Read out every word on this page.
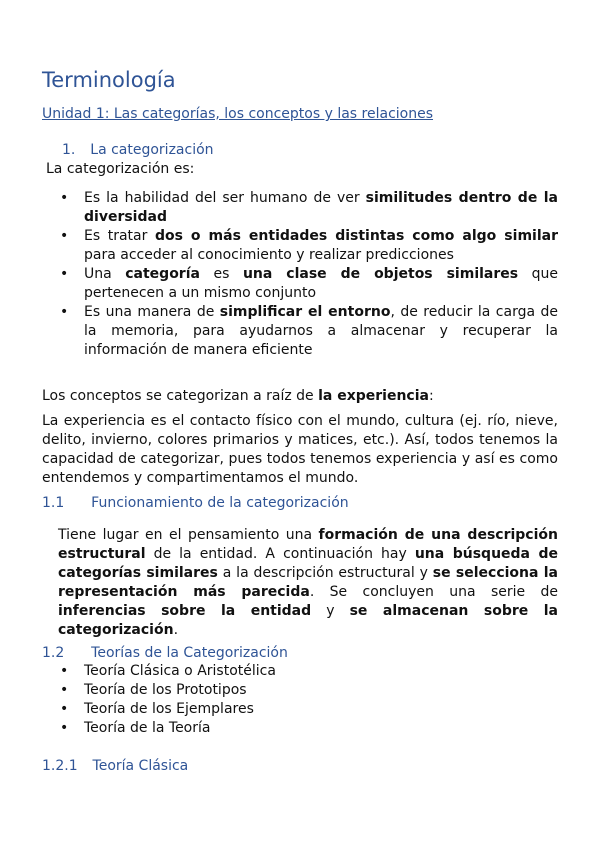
Terminología
Unidad 1: Las categorías, los conceptos y las relaciones
1. La categorización
La categorización es:
• Es la habilidad del ser humano de ver similitudes dentro de la diversidad
• Es tratar dos o más entidades distintas como algo similar para acceder al conocimiento y realizar predicciones
• Una categoría es una clase de objetos similares que pertenecen a un mismo conjunto
• Es una manera de simplificar el entorno, de reducir la carga de la memoria, para ayudarnos a almacenar y recuperar la información de manera eficiente
Los conceptos se categorizan a raíz de la experiencia:
La experiencia es el contacto físico con el mundo, cultura (ej. río, nieve, delito, invierno, colores primarios y matices, etc.). Así, todos tenemos la capacidad de categorizar, pues todos tenemos experiencia y así es como entendemos y compartimentamos el mundo.
1.1 Funcionamiento de la categorización
Tiene lugar en el pensamiento una formación de una descripción estructural de la entidad. A continuación hay una búsqueda de categorías similares a la descripción estructural y se selecciona la representación más parecida. Se concluyen una serie de inferencias sobre la entidad y se almacenan sobre la categorización.
1.2 Teorías de la Categorización
• Teoría Clásica o Aristotélica
• Teoría de los Prototipos
• Teoría de los Ejemplares
• Teoría de la Teoría
1.2.1 Teoría Clásica
